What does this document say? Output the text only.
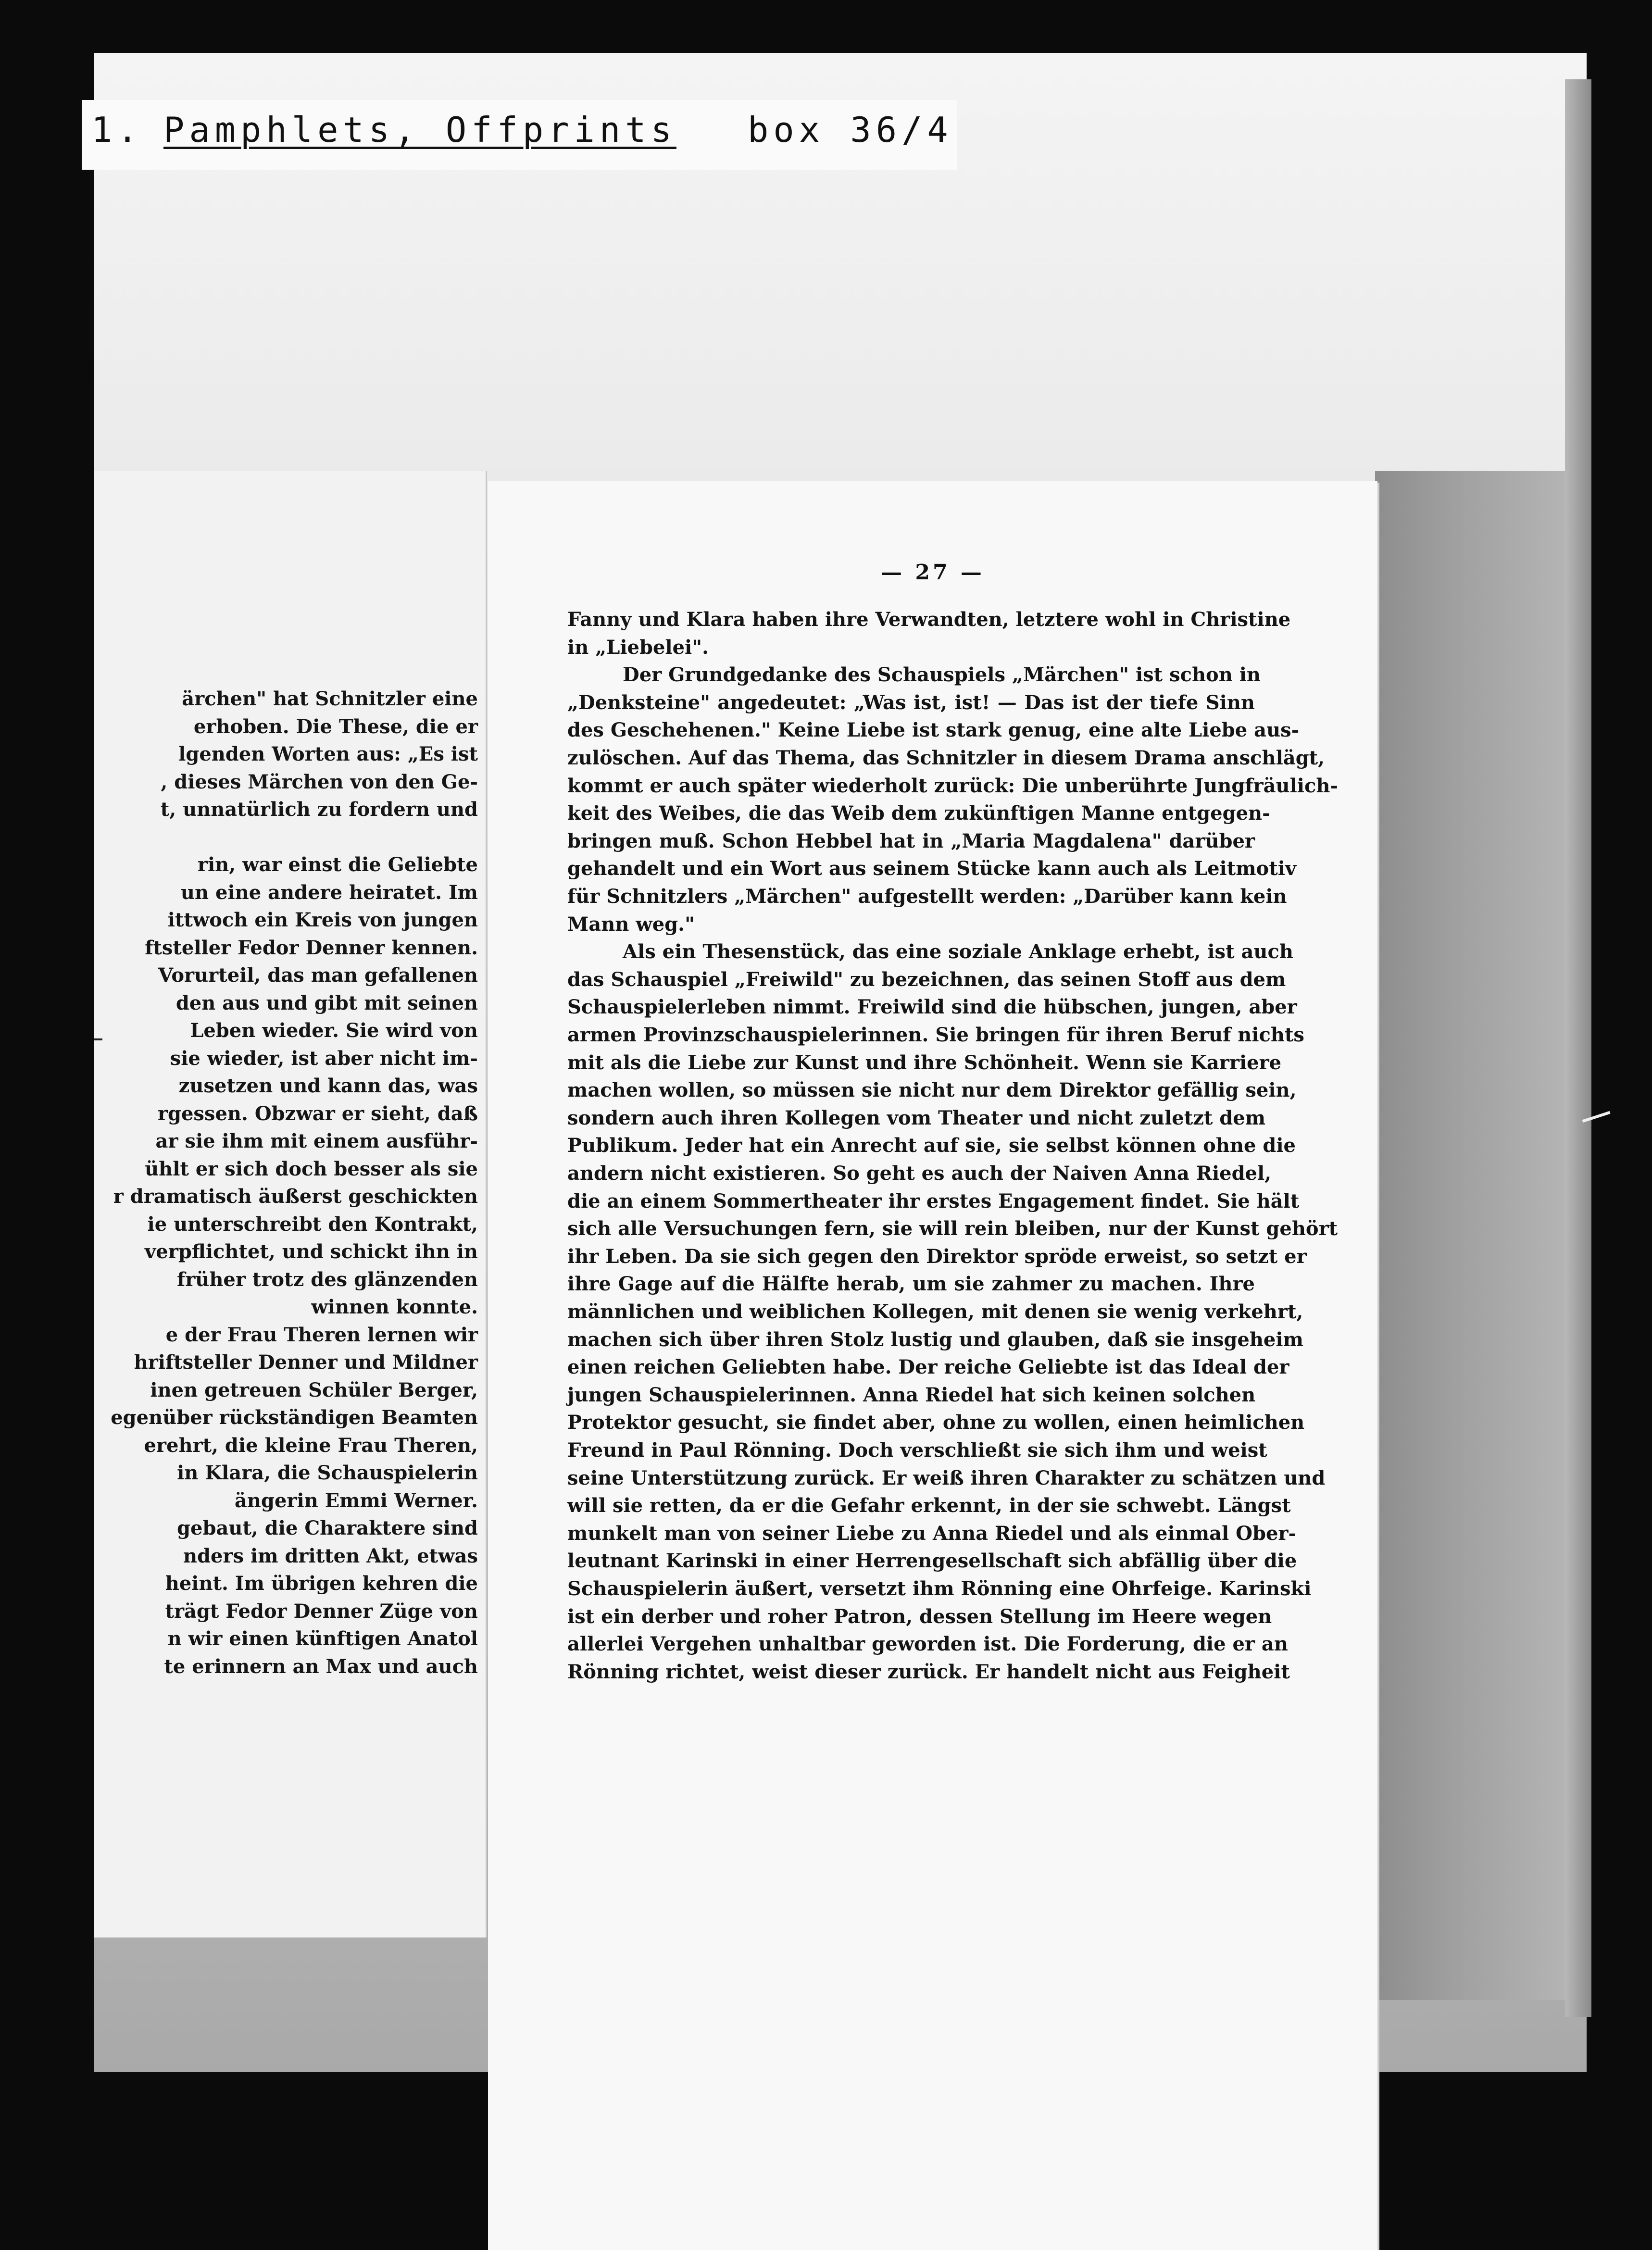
1. Pamphlets, Offprints box 36/4
ärchen" hat Schnitzler eine
erhoben. Die These, die er
lgenden Worten aus: „Es ist
, dieses Märchen von den Ge-
t, unnatürlich zu fordern und
rin, war einst die Geliebte
un eine andere heiratet. Im
ittwoch ein Kreis von jungen
ftsteller Fedor Denner kennen.
Vorurteil, das man gefallenen
den aus und gibt mit seinen
Leben wieder. Sie wird von
sie wieder, ist aber nicht im-
zusetzen und kann das, was
rgessen. Obzwar er sieht, daß
ar sie ihm mit einem ausführ-
ühlt er sich doch besser als sie
r dramatisch äußerst geschickten
ie unterschreibt den Kontrakt,
verpflichtet, und schickt ihn in
früher trotz des glänzenden
winnen konnte.
e der Frau Theren lernen wir
hriftsteller Denner und Mildner
inen getreuen Schüler Berger,
egenüber rückständigen Beamten
erehrt, die kleine Frau Theren,
in Klara, die Schauspielerin
ängerin Emmi Werner.
gebaut, die Charaktere sind
nders im dritten Akt, etwas
heint. Im übrigen kehren die
trägt Fedor Denner Züge von
n wir einen künftigen Anatol
te erinnern an Max und auch
— 27 —
Fanny und Klara haben ihre Verwandten, letztere wohl in Christine
in „Liebelei".
Der Grundgedanke des Schauspiels „Märchen" ist schon in
„Denksteine" angedeutet: „Was ist, ist! — Das ist der tiefe Sinn
des Geschehenen." Keine Liebe ist stark genug, eine alte Liebe aus-
zulöschen. Auf das Thema, das Schnitzler in diesem Drama anschlägt,
kommt er auch später wiederholt zurück: Die unberührte Jungfräulich-
keit des Weibes, die das Weib dem zukünftigen Manne entgegen-
bringen muß. Schon Hebbel hat in „Maria Magdalena" darüber
gehandelt und ein Wort aus seinem Stücke kann auch als Leitmotiv
für Schnitzlers „Märchen" aufgestellt werden: „Darüber kann kein
Mann weg."
Als ein Thesenstück, das eine soziale Anklage erhebt, ist auch
das Schauspiel „Freiwild" zu bezeichnen, das seinen Stoff aus dem
Schauspielerleben nimmt. Freiwild sind die hübschen, jungen, aber
armen Provinzschauspielerinnen. Sie bringen für ihren Beruf nichts
mit als die Liebe zur Kunst und ihre Schönheit. Wenn sie Karriere
machen wollen, so müssen sie nicht nur dem Direktor gefällig sein,
sondern auch ihren Kollegen vom Theater und nicht zuletzt dem
Publikum. Jeder hat ein Anrecht auf sie, sie selbst können ohne die
andern nicht existieren. So geht es auch der Naiven Anna Riedel,
die an einem Sommertheater ihr erstes Engagement findet. Sie hält
sich alle Versuchungen fern, sie will rein bleiben, nur der Kunst gehört
ihr Leben. Da sie sich gegen den Direktor spröde erweist, so setzt er
ihre Gage auf die Hälfte herab, um sie zahmer zu machen. Ihre
männlichen und weiblichen Kollegen, mit denen sie wenig verkehrt,
machen sich über ihren Stolz lustig und glauben, daß sie insgeheim
einen reichen Geliebten habe. Der reiche Geliebte ist das Ideal der
jungen Schauspielerinnen. Anna Riedel hat sich keinen solchen
Protektor gesucht, sie findet aber, ohne zu wollen, einen heimlichen
Freund in Paul Rönning. Doch verschließt sie sich ihm und weist
seine Unterstützung zurück. Er weiß ihren Charakter zu schätzen und
will sie retten, da er die Gefahr erkennt, in der sie schwebt. Längst
munkelt man von seiner Liebe zu Anna Riedel und als einmal Ober-
leutnant Karinski in einer Herrengesellschaft sich abfällig über die
Schauspielerin äußert, versetzt ihm Rönning eine Ohrfeige. Karinski
ist ein derber und roher Patron, dessen Stellung im Heere wegen
allerlei Vergehen unhaltbar geworden ist. Die Forderung, die er an
Rönning richtet, weist dieser zurück. Er handelt nicht aus Feigheit
